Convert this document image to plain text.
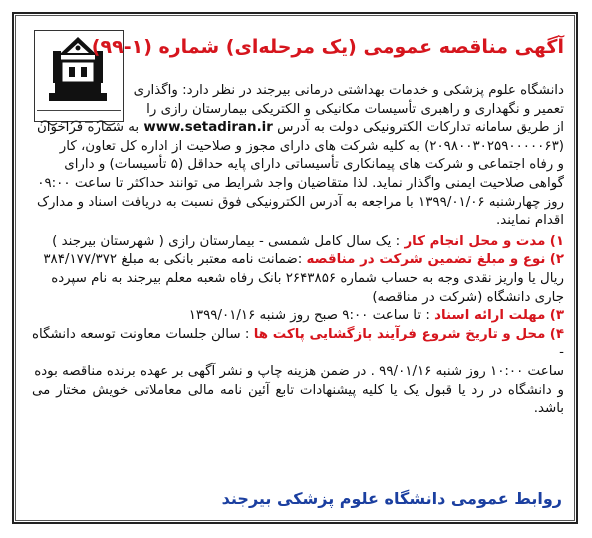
آگهی مناقصه عمومی (یک مرحله‌ای) شماره (۱-۹۹)

دانشگاه علوم پزشکی و خدمات بهداشتی درمانی بیرجند در نظر دارد: واگذاری
تعمیر و نگهداری و راهبری تأسیسات مکانیکی و الکتریکی بیمارستان رازی را
از طریق سامانه تدارکات الکترونیکی دولت به آدرس www.setadiran.ir به شماره فراخوان
(۲۰۹۸۰۰۳۰۲۵۹۰۰۰۰۰۶۳) به کلیه شرکت های دارای مجوز و صلاحیت از اداره کل تعاون، کار
و رفاه اجتماعی و شرکت های پیمانکاری تأسیساتی دارای پایه حداقل (۵ تأسیسات) و دارای
گواهی صلاحیت ایمنی واگذار نماید. لذا متقاضیان واجد شرایط می توانند حداکثر تا ساعت ۰۹:۰۰
روز چهارشنبه ۱۳۹۹/۰۱/۰۶ با مراجعه به آدرس الکترونیکی فوق نسبت به دریافت اسناد و مدارک
اقدام نمایند.

۱) مدت و محل انجام کار : یک سال کامل شمسی - بیمارستان رازی ( شهرستان بیرجند )

۲) نوع و مبلغ تضمین شرکت در مناقصه :ضمانت نامه معتبر بانکی به مبلغ ۳۸۴/۱۷۷/۳۷۲
ریال یا واریز نقدی وجه به حساب شماره ۲۶۴۳۸۵۶ بانک رفاه شعبه معلم بیرجند به نام سپرده
جاری دانشگاه (شرکت در مناقصه)

۳) مهلت ارائه اسناد : تا ساعت ۹:۰۰ صبح روز شنبه ۱۳۹۹/۰۱/۱۶

۴) محل و تاریخ شروع فرآیند بازگشایی پاکت ها : سالن جلسات معاونت توسعه دانشگاه -
ساعت ۱۰:۰۰ روز شنبه ۹۹/۰۱/۱۶ . در ضمن هزینه چاپ و نشر آگهی بر عهده برنده مناقصه بوده
و دانشگاه در رد یا قبول یک یا کلیه پیشنهادات تابع آئین نامه مالی معاملاتی خویش مختار می باشد.

روابط عمومی دانشگاه علوم پزشکی بیرجند
